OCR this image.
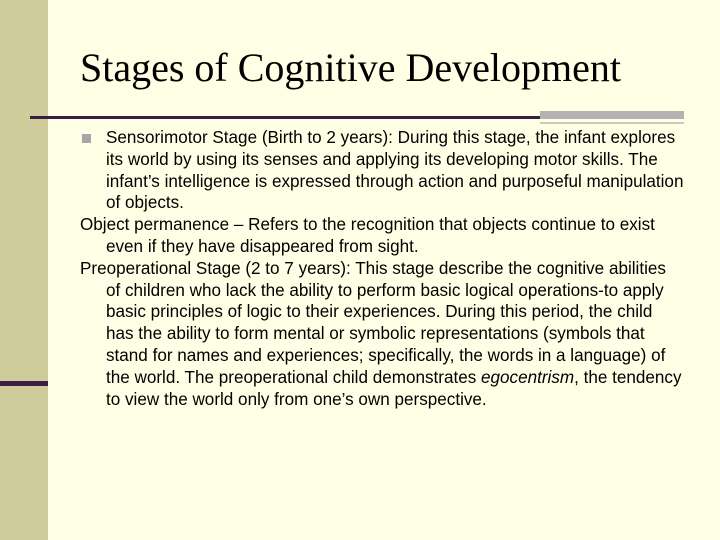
Stages of Cognitive Development

Sensorimotor Stage (Birth to 2 years): During this stage, the infant explores its world by using its senses and applying its developing motor skills. The infant’s intelligence is expressed through action and purposeful manipulation of objects.

Object permanence – Refers to the recognition that objects continue to exist even if they have disappeared from sight.

Preoperational Stage (2 to 7 years): This stage describe the cognitive abilities of children who lack the ability to perform basic logical operations-to apply basic principles of logic to their experiences. During this period, the child has the ability to form mental or symbolic representations (symbols that stand for names and experiences; specifically, the words in a language) of the world. The preoperational child demonstrates egocentrism, the tendency to view the world only from one’s own perspective.
